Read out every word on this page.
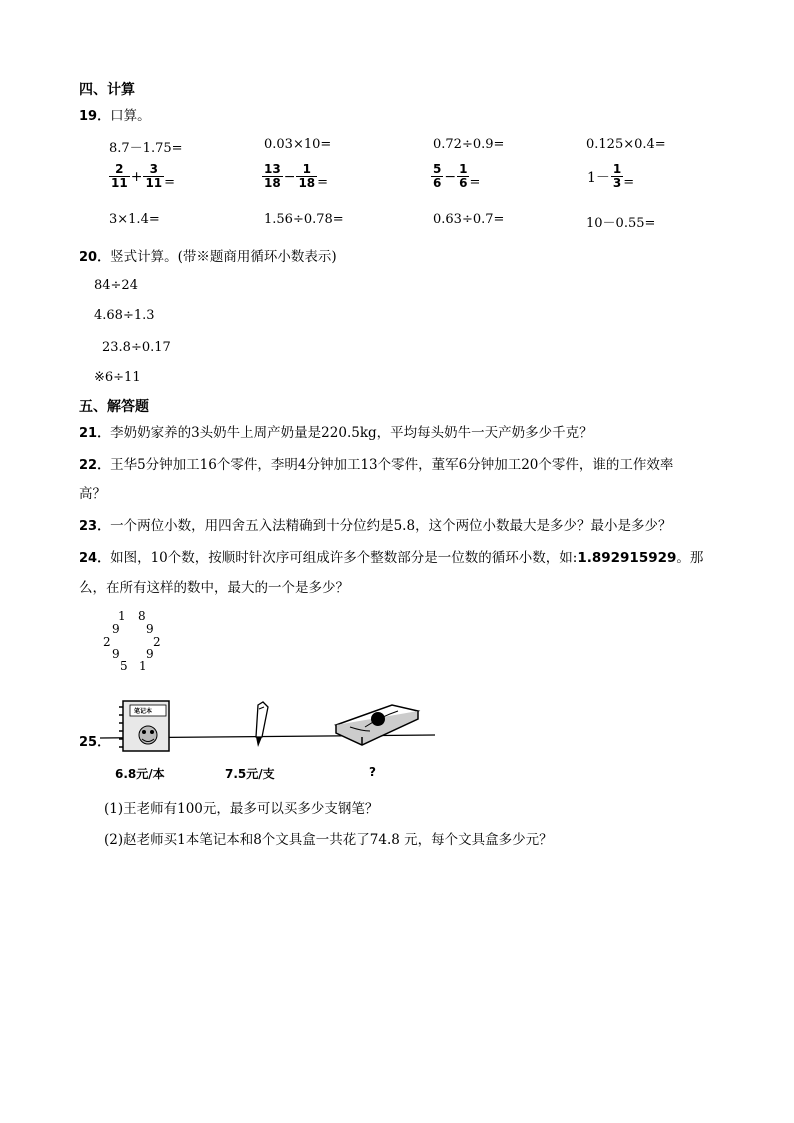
四、计算
19．口算。
8.7－1.75=	0.03×10=	0.72÷0.9=	0.125×0.4=
$\frac{2}{11} + \frac{3}{11}$ =	$\frac{13}{18} - \frac{1}{18}$ =	$\frac{5}{6} - \frac{1}{6}$ =	$1- \frac{1}{3}$ =
3×1.4=	1.56÷0.78=	0.63÷0.7=	10－0.55=
20．竖式计算。(带※题商用循环小数表示)
84÷24
4.68÷1.3
23.8÷0.17
※6÷11
五、解答题
21．李奶奶家养的3头奶牛上周产奶量是220.5kg，平均每头奶牛一天产奶多少千克？
22．王华5分钟加工16个零件，李明4分钟加工13个零件，董军6分钟加工20个零件，谁的工作效率
高？
23．一个两位小数，用四舍五入法精确到十分位约是5.8，这个两位小数最大是多少？最小是多少？
24．如图，10个数，按顺时针次序可组成许多个整数部分是一位数的循环小数，如:1.892915929。那
么，在所有这样的数中，最大的一个是多少？
1 8
9 9
2	2
9 9
5 1
25．
笔记本
6.8元/本	7.5元/支	?
(1)王老师有100元，最多可以买多少支钢笔？
(2)赵老师买1本笔记本和8个文具盒一共花了74.8 元，每个文具盒多少元？
